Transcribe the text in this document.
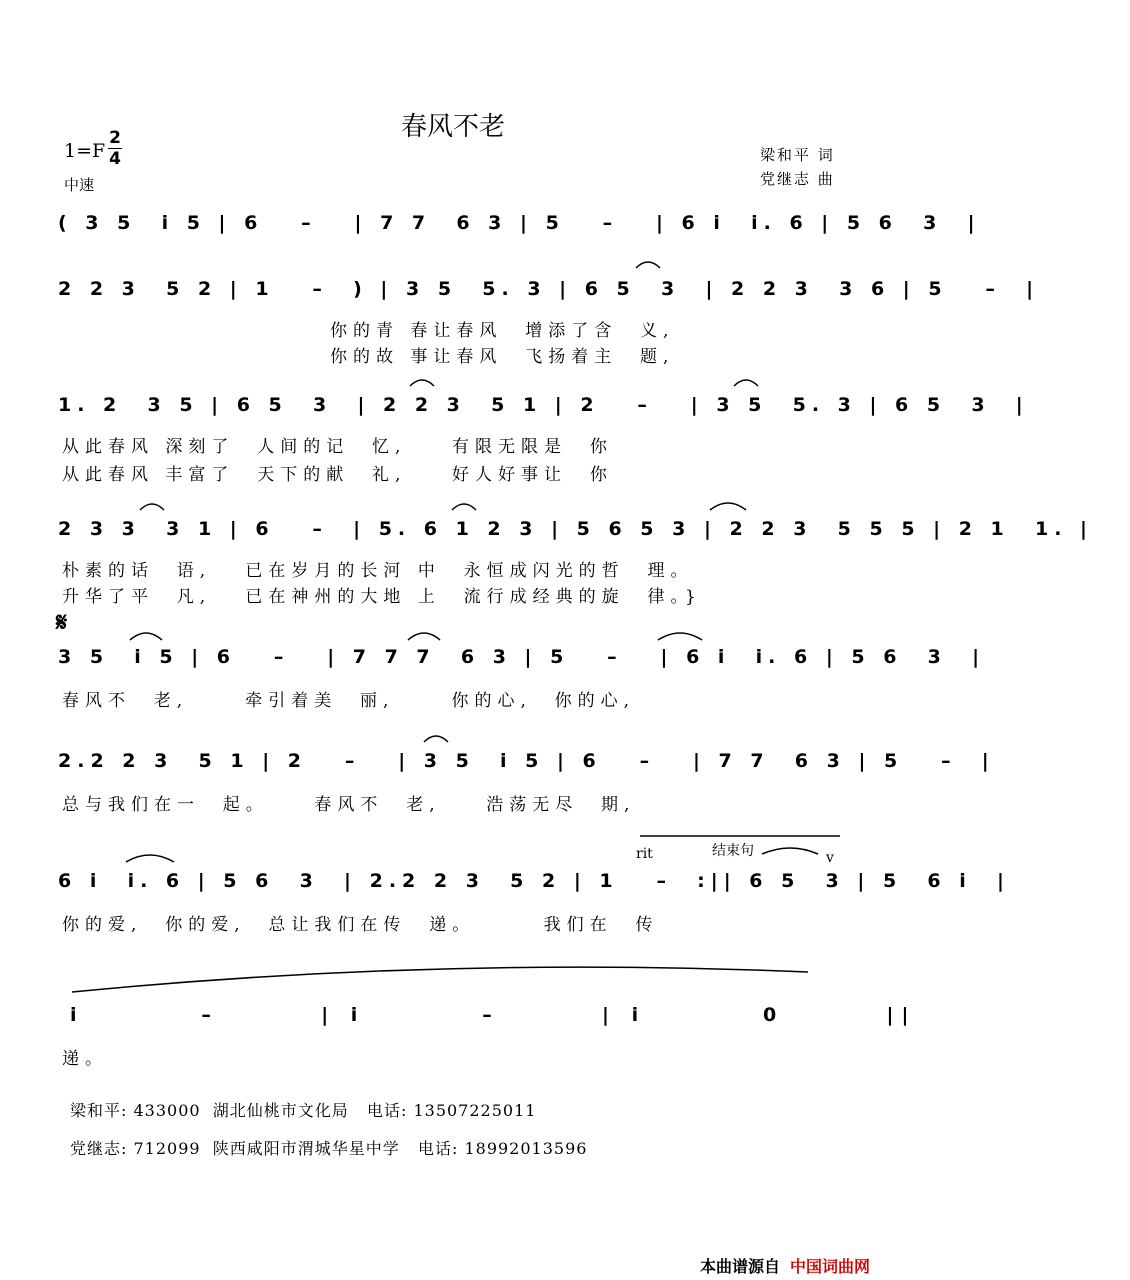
春风不老
1=F
2
4
中速
梁和平 词
党继志 曲
( 3 5  i 5 | 6   –   | 7 7  6 3 | 5   –   | 6 i  i. 6 | 5 6  3  |
2 2 3  5 2 | 1   –  ) | 3 5  5. 3 | 6 5  3  | 2 2 3  3 6 | 5   –  |
你的青 春让春风  增添了含  义,
你的故 事让春风  飞扬着主  题,
1. 2  3 5 | 6 5  3  | 2 2 3  5 1 | 2   –   | 3 5  5. 3 | 6 5  3  |
从此春风 深刻了  人间的记  忆,    有限无限是  你
从此春风 丰富了  天下的献  礼,    好人好事让  你
2 3 3  3 1 | 6   –  | 5. 6 1 2 3 | 5 6 5 3 | 2 2 3  5 5 5 | 2 1  1. |
朴素的话  语,   已在岁月的长河 中  永恒成闪光的哲  理。
升华了平  凡,   已在神州的大地 上  流行成经典的旋  律。}
𝄋
3 5  i 5 | 6   –   | 7 7 7  6 3 | 5   –   | 6 i  i. 6 | 5 6  3  |
春风不  老,     牵引着美  丽,     你的心,  你的心,
2.2 2 3  5 1 | 2   –   | 3 5  i 5 | 6   –   | 7 7  6 3 | 5   –  |
总与我们在一  起。    春风不  老,    浩荡无尽  期,
rit	结束句	v
6 i  i. 6 | 5 6  3  | 2.2 2 3  5 2 | 1   –  :|| 6 5  3 | 5  6 i  |
你的爱,  你的爱,  总让我们在传  递。      我们在  传
i        –       | i        –       | i        0       ||
递。
梁和平: 433000  湖北仙桃市文化局   电话: 13507225011
党继志: 712099  陕西咸阳市渭城华星中学   电话: 18992013596
本曲谱源自 中国词曲网
